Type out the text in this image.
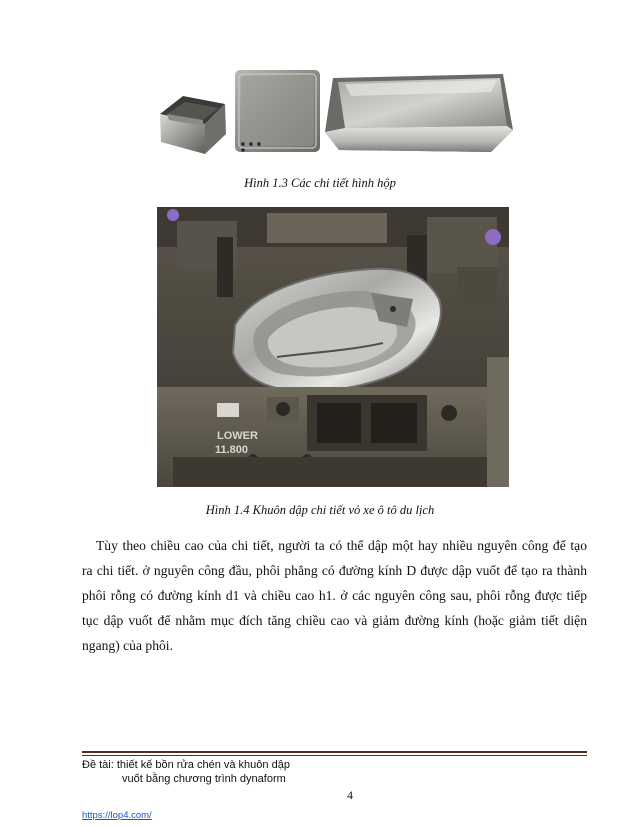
Hình 1.3 Các chi tiết hình hộp
LOWER
11.800
Hình 1.4 Khuôn dập chi tiết vỏ xe ô tô du lịch
Tùy theo chiều cao của chi tiết, người ta có thể dập một hay nhiều nguyên công để tạo
ra chi tiết. ở nguyên công đầu, phôi phẳng có đường kính D được dập vuốt để tạo ra thành
phôi rỗng có đường kính d1 và chiều cao h1. ở các nguyên công sau, phôi rỗng được tiếp
tục dập vuốt để nhằm mục đích tăng chiều cao và giảm đường kính (hoặc giảm tiết diện
ngang) của phôi.
Đề tài: thiết kế bồn rửa chén và khuôn dập
vuốt bằng chương trình dynaform
4
https://lop4.com/
